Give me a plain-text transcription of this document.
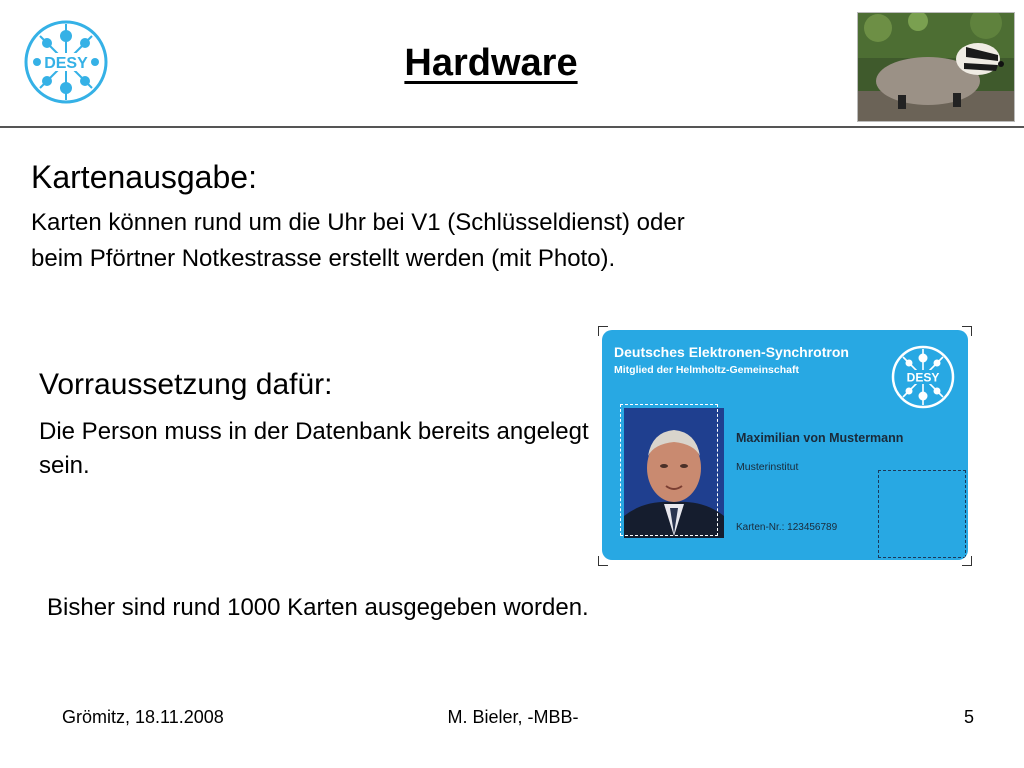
DESY	Hardware
Kartenausgabe:
Karten können rund um die Uhr bei V1 (Schlüsseldienst) oder beim Pförtner Notkestrasse erstellt werden (mit Photo).
Vorraussetzung dafür:
Die Person muss in der Datenbank bereits angelegt sein.
Bisher sind rund 1000 Karten ausgegeben worden.
Deutsches Elektronen-Synchrotron
Mitglied der Helmholtz-Gemeinschaft
DESY
Maximilian von Mustermann
Musterinstitut
Karten-Nr.: 123456789
Grömitz, 18.11.2008	M. Bieler, -MBB-	5
